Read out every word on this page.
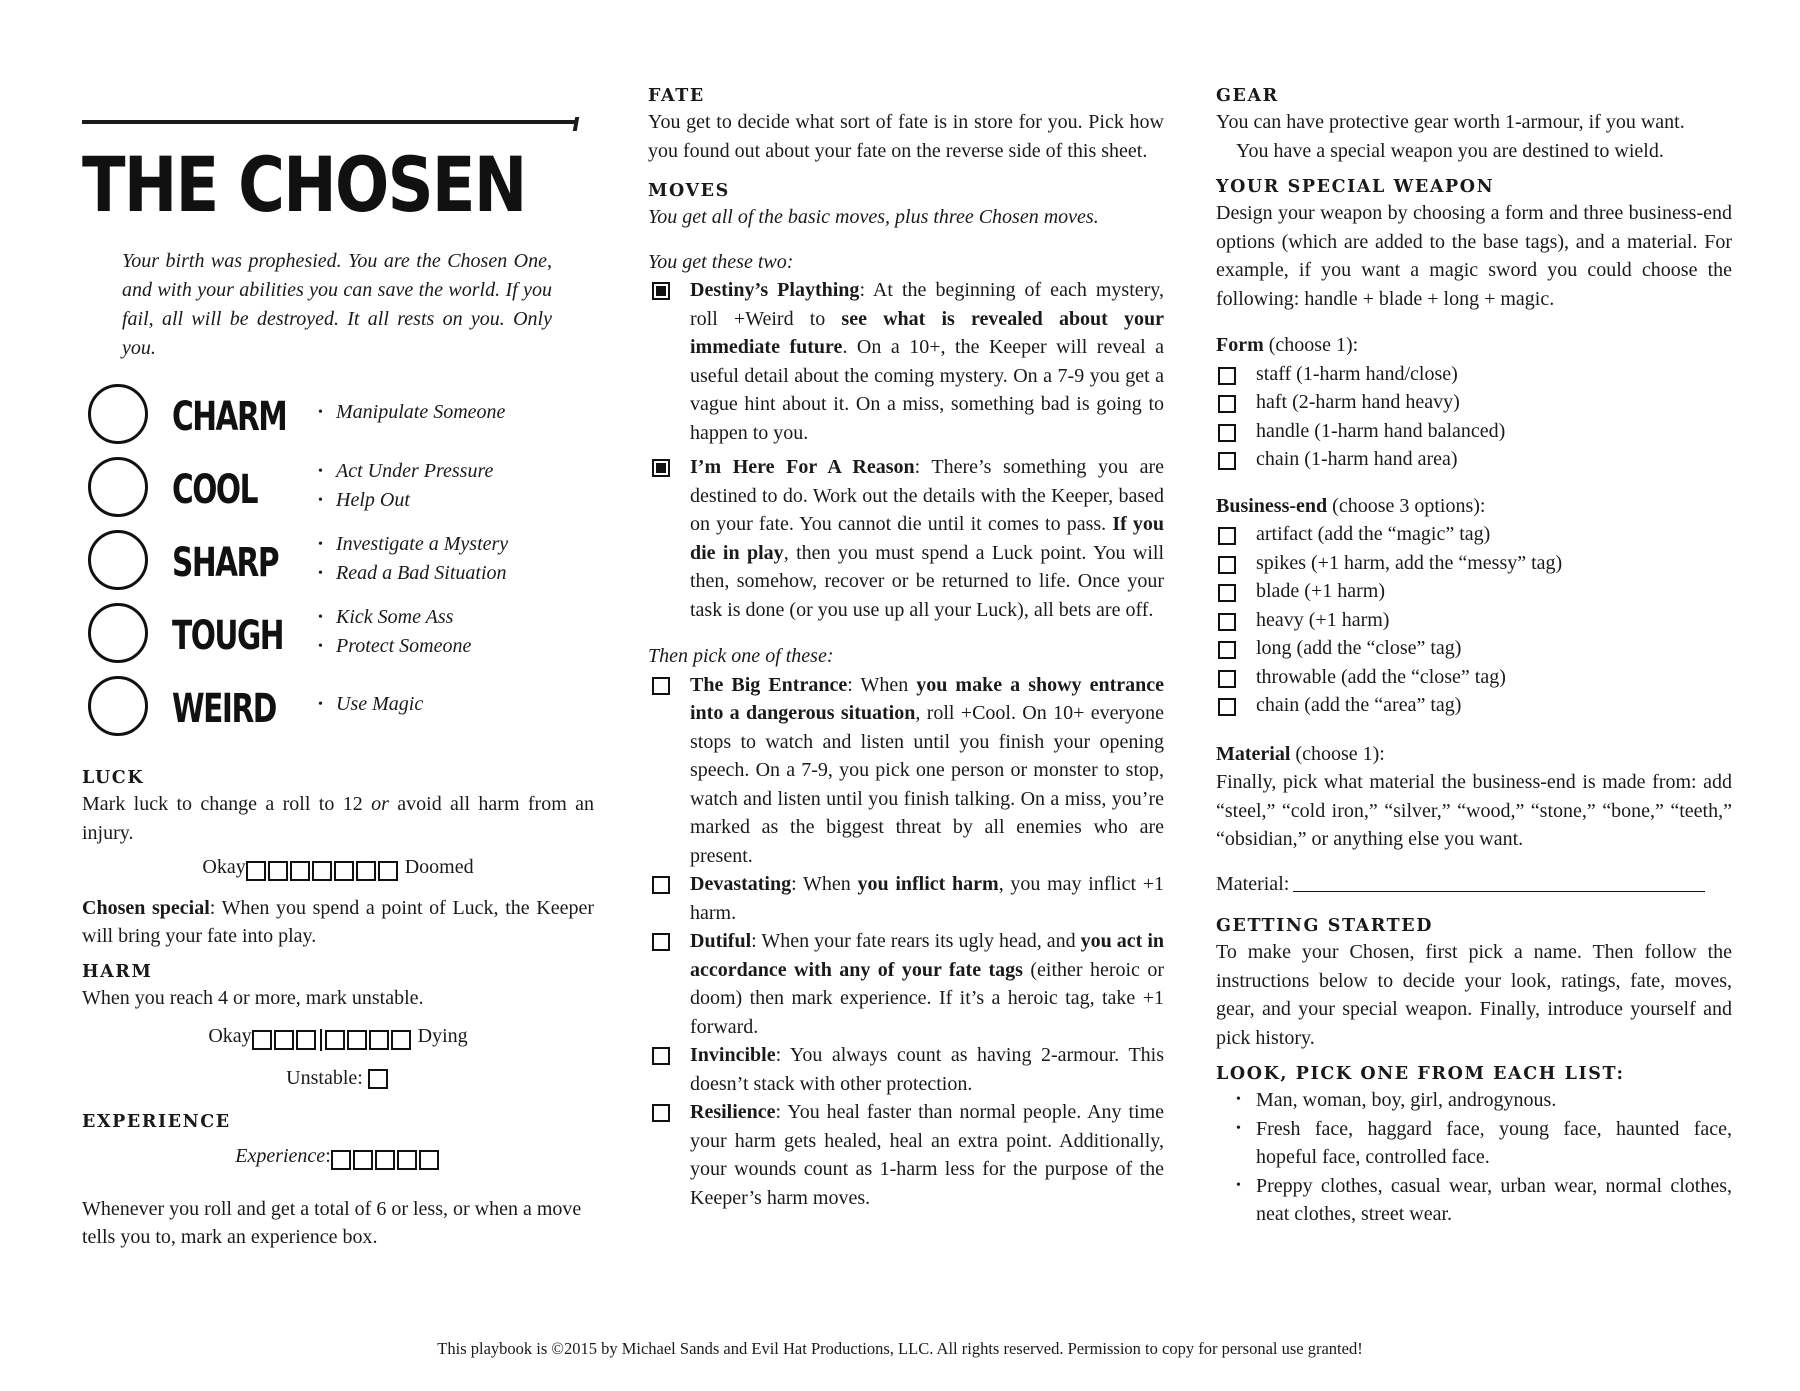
THE CHOSEN
Your birth was prophesied. You are the Chosen One, and with your abilities you can save the world. If you fail, all will be destroyed. It all rests on you. Only you.
CHARM	• Manipulate Someone
COOL	• Act Under Pressure
• Help Out
SHARP	• Investigate a Mystery
• Read a Bad Situation
TOUGH	• Kick Some Ass
• Protect Someone
WEIRD	• Use Magic
LUCK
Mark luck to change a roll to 12 or avoid all harm from an injury.
Okay	Doomed
Chosen special: When you spend a point of Luck, the Keeper will bring your fate into play.
HARM
When you reach 4 or more, mark unstable.
Okay	Dying
Unstable:
EXPERIENCE
Experience:
Whenever you roll and get a total of 6 or less, or when a move tells you to, mark an experience box.
FATE
You get to decide what sort of fate is in store for you. Pick how you found out about your fate on the reverse side of this sheet.
MOVES
You get all of the basic moves, plus three Chosen moves.
You get these two:
Destiny’s Plaything: At the beginning of each mystery, roll +Weird to see what is revealed about your immediate future. On a 10+, the Keeper will reveal a useful detail about the coming mystery. On a 7-9 you get a vague hint about it. On a miss, something bad is going to happen to you.
I’m Here For A Reason: There’s something you are destined to do. Work out the details with the Keeper, based on your fate. You cannot die until it comes to pass. If you die in play, then you must spend a Luck point. You will then, somehow, recover or be returned to life. Once your task is done (or you use up all your Luck), all bets are off.
Then pick one of these:
The Big Entrance: When you make a showy entrance into a dangerous situation, roll +Cool. On 10+ everyone stops to watch and listen until you finish your opening speech. On a 7-9, you pick one person or monster to stop, watch and listen until you finish talking. On a miss, you’re marked as the biggest threat by all enemies who are present.
Devastating: When you inflict harm, you may inflict +1 harm.
Dutiful: When your fate rears its ugly head, and you act in accordance with any of your fate tags (either heroic or doom) then mark experience. If it’s a heroic tag, take +1 forward.
Invincible: You always count as having 2-armour. This doesn’t stack with other protection.
Resilience: You heal faster than normal people. Any time your harm gets healed, heal an extra point. Additionally, your wounds count as 1-harm less for the purpose of the Keeper’s harm moves.
GEAR
You can have protective gear worth 1-armour, if you want.
You have a special weapon you are destined to wield.
YOUR SPECIAL WEAPON
Design your weapon by choosing a form and three business-end options (which are added to the base tags), and a material. For example, if you want a magic sword you could choose the following: handle + blade + long + magic.
Form (choose 1):
staff (1-harm hand/close)
haft (2-harm hand heavy)
handle (1-harm hand balanced)
chain (1-harm hand area)
Business-end (choose 3 options):
artifact (add the “magic” tag)
spikes (+1 harm, add the “messy” tag)
blade (+1 harm)
heavy (+1 harm)
long (add the “close” tag)
throwable (add the “close” tag)
chain (add the “area” tag)
Material (choose 1):
Finally, pick what material the business-end is made from: add “steel,” “cold iron,” “silver,” “wood,” “stone,” “bone,” “teeth,” “obsidian,” or anything else you want.
Material:
GETTING STARTED
To make your Chosen, first pick a name. Then follow the instructions below to decide your look, ratings, fate, moves, gear, and your special weapon. Finally, introduce yourself and pick history.
LOOK, PICK ONE FROM EACH LIST:
• Man, woman, boy, girl, androgynous.
• Fresh face, haggard face, young face, haunted face, hopeful face, controlled face.
• Preppy clothes, casual wear, urban wear, normal clothes, neat clothes, street wear.
This playbook is ©2015 by Michael Sands and Evil Hat Productions, LLC. All rights reserved. Permission to copy for personal use granted!
